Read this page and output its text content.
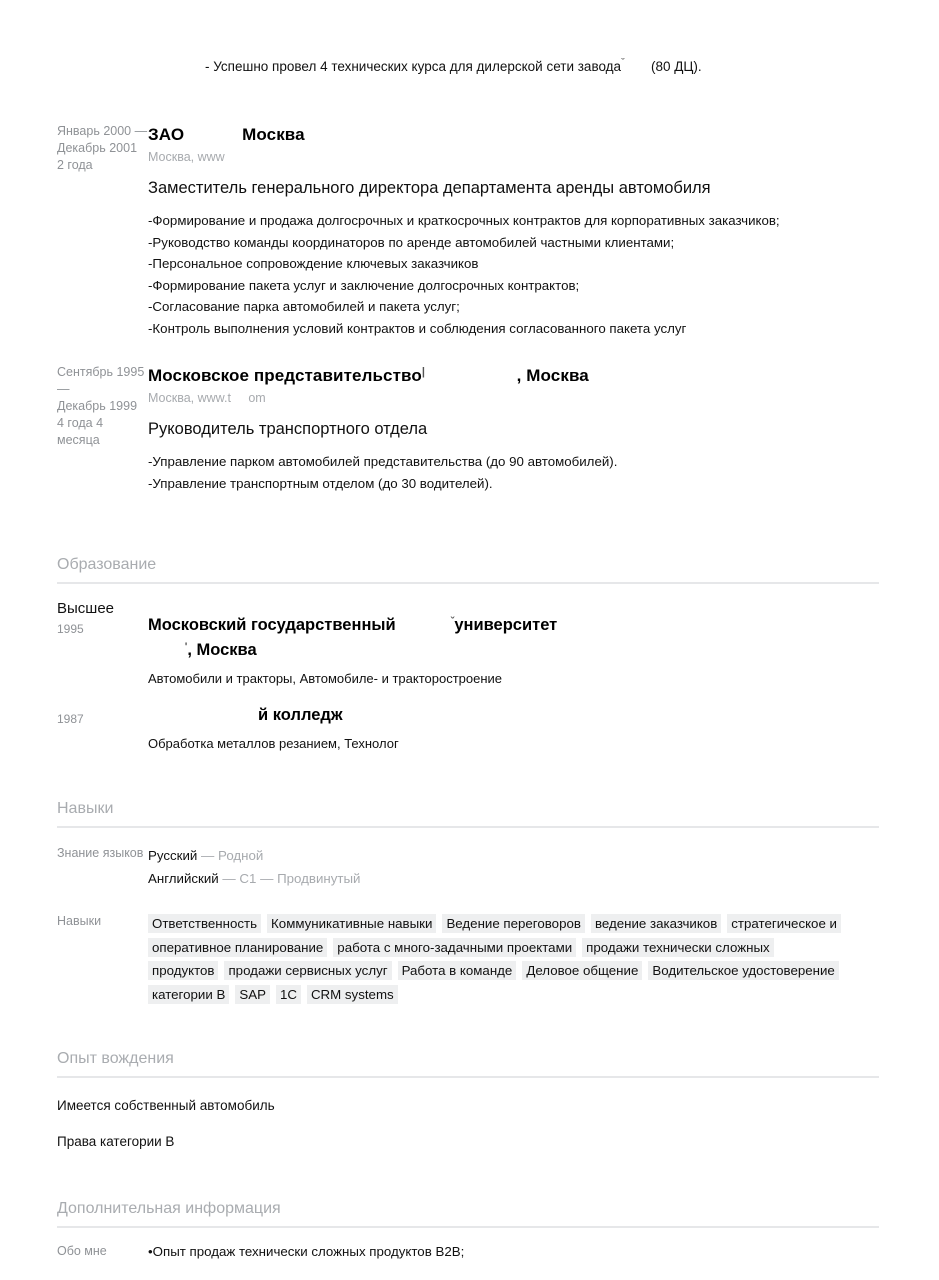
- Успешно провел 4 технических курса для дилерской сети заводаˇ (80 ДЦ).
Январь 2000 —
Декабрь 2001
2 года
ЗАО	Москва
Москва, www
Заместитель генерального директора департамента аренды автомобиля
-Формирование и продажа долгосрочных и краткосрочных контрактов для корпоративных заказчиков;
-Руководство команды координаторов по аренде автомобилей частными клиентами;
-Персональное сопровождение ключевых заказчиков
-Формирование пакета услуг и заключение долгосрочных контрактов;
-Согласование парка автомобилей и пакета услуг;
-Контроль выполнения условий контрактов и соблюдения согласованного пакета услуг
Сентябрь 1995 —
Декабрь 1999
4 года 4 месяца
Московское представительство|	, Москва
Москва, www.t om
Руководитель транспортного отдела
-Управление парком автомобилей представительства (до 90 автомобилей).
-Управление транспортным отделом (до 30 водителей).
Образование
Высшее
1995	Московский государственный	ˇуниверситет
', Москва
Автомобили и тракторы, Автомобиле- и тракторостроение
1987	й колледж
Обработка металлов резанием, Технолог
Навыки
Знание языков Русский — Родной
Английский — C1 — Продвинутый
Навыки	Ответственность Коммуникативные навыки Ведение переговоров ведение заказчиков стратегическое и оперативное планирование работа с много-задачными проектами продажи технически сложных продуктов продажи сервисных услуг Работа в команде Деловое общение Водительское удостоверение категории B SAP 1C CRM systems
Опыт вождения
Имеется собственный автомобиль
Права категории B
Дополнительная информация
Обо мне	•Опыт продаж технически сложных продуктов B2B;
